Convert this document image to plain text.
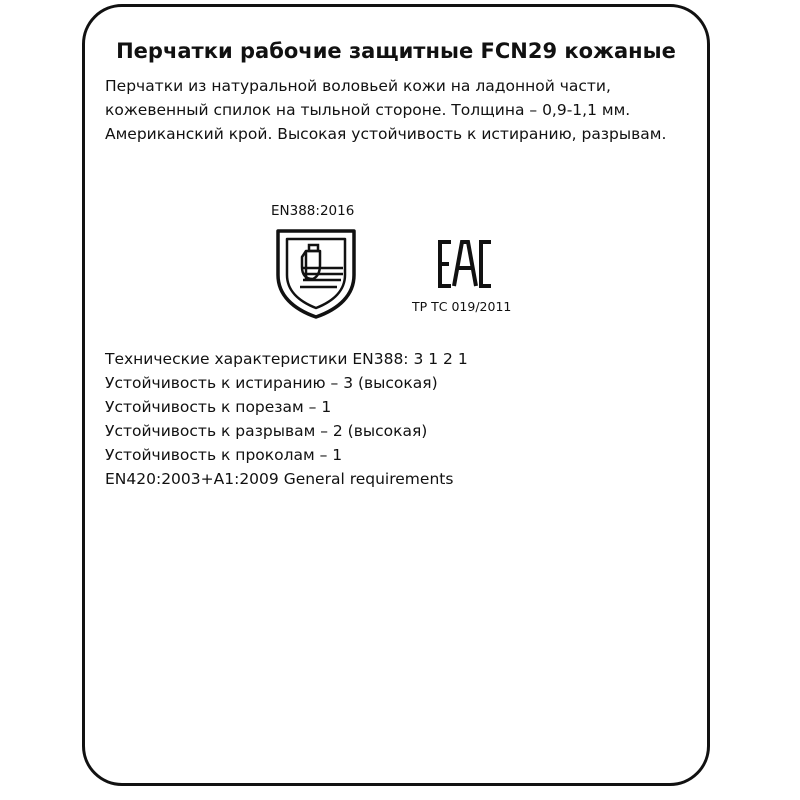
Перчатки рабочие защитные FCN29 кожаные
Перчатки из натуральной воловьей кожи на ладонной части, кожевенный спилок на тыльной стороне. Толщина – 0,9-1,1 мм. Американский крой. Высокая устойчивость к истиранию, разрывам.
EN388:2016
ТР ТС 019/2011
Технические характеристики EN388: 3 1 2 1
Устойчивость к истиранию – 3 (высокая)
Устойчивость к порезам – 1
Устойчивость к разрывам – 2 (высокая)
Устойчивость к проколам – 1
EN420:2003+A1:2009 General requirements
